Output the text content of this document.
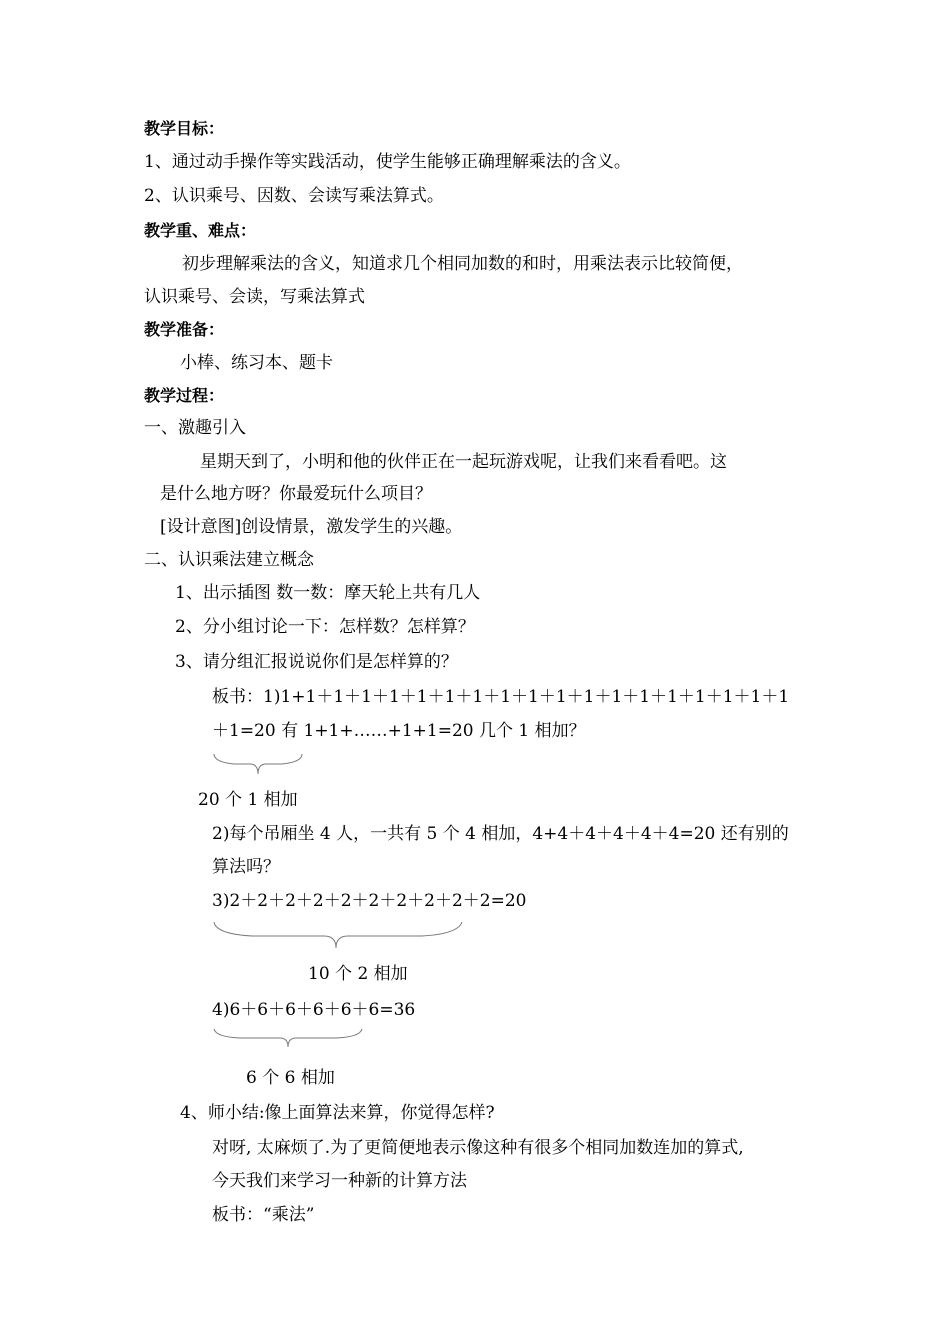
教学目标：
1、通过动手操作等实践活动，使学生能够正确理解乘法的含义。
2、认识乘号、因数、会读写乘法算式。
教学重、难点：
初步理解乘法的含义，知道求几个相同加数的和时，用乘法表示比较简便，
认识乘号、会读，写乘法算式
教学准备：
小棒、练习本、题卡
教学过程：
一、激趣引入
星期天到了，小明和他的伙伴正在一起玩游戏呢，让我们来看看吧。这
是什么地方呀？你最爱玩什么项目？
[设计意图]创设情景，激发学生的兴趣。
二、认识乘法建立概念
1、出示插图 数一数：摩天轮上共有几人
2、分小组讨论一下：怎样数？怎样算？
3、请分组汇报说说你们是怎样算的？
板书：1)1+1＋1＋1＋1＋1＋1＋1＋1＋1＋1＋1＋1＋1＋1＋1＋1＋1＋1
＋1=20 有 1+1+……+1+1=20 几个 1 相加？
20 个 1 相加
2)每个吊厢坐 4 人，一共有 5 个 4 相加，4+4＋4＋4＋4＋4=20 还有别的
算法吗？
3)2＋2＋2＋2＋2＋2＋2＋2＋2＋2=20
10 个 2 相加
4)6＋6＋6＋6＋6＋6=36
6 个 6 相加
4、师小结:像上面算法来算，你觉得怎样?
对呀, 太麻烦了.为了更简便地表示像这种有很多个相同加数连加的算式,
今天我们来学习一种新的计算方法
板书：“乘法”
